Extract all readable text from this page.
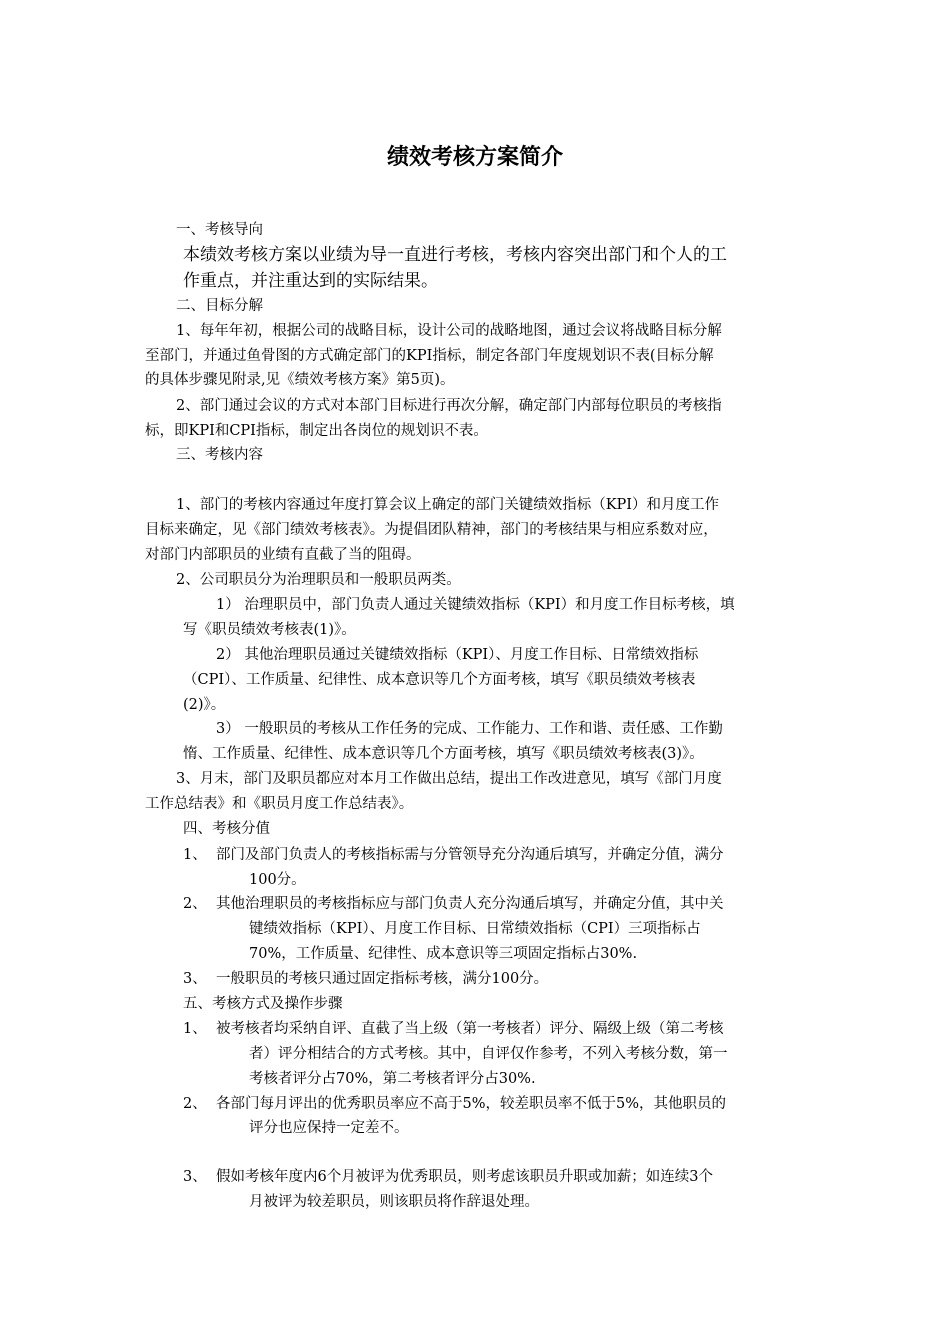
绩效考核方案简介
一、考核导向
本绩效考核方案以业绩为导一直进行考核，考核内容突出部门和个人的工
作重点，并注重达到的实际结果。
二、目标分解
1、每年年初，根据公司的战略目标，设计公司的战略地图，通过会议将战略目标分解
至部门，并通过鱼骨图的方式确定部门的KPI指标，制定各部门年度规划识不表(目标分解
的具体步骤见附录,见《绩效考核方案》第5页)。
2、部门通过会议的方式对本部门目标进行再次分解，确定部门内部每位职员的考核指
标，即KPI和CPI指标，制定出各岗位的规划识不表。
三、考核内容
1、部门的考核内容通过年度打算会议上确定的部门关键绩效指标（KPI）和月度工作
目标来确定，见《部门绩效考核表》。为提倡团队精神，部门的考核结果与相应系数对应，
对部门内部职员的业绩有直截了当的阻碍。
2、公司职员分为治理职员和一般职员两类。
1） 治理职员中，部门负责人通过关键绩效指标（KPI）和月度工作目标考核，填
写《职员绩效考核表(1)》。
2） 其他治理职员通过关键绩效指标（KPI）、月度工作目标、日常绩效指标
（CPI）、工作质量、纪律性、成本意识等几个方面考核，填写《职员绩效考核表
(2)》。
3） 一般职员的考核从工作任务的完成、工作能力、工作和谐、责任感、工作勤
惰、工作质量、纪律性、成本意识等几个方面考核，填写《职员绩效考核表(3)》。
3、月末，部门及职员都应对本月工作做出总结，提出工作改进意见，填写《部门月度
工作总结表》和《职员月度工作总结表》。
四、考核分值
1、 部门及部门负责人的考核指标需与分管领导充分沟通后填写，并确定分值，满分
100分。
2、 其他治理职员的考核指标应与部门负责人充分沟通后填写，并确定分值，其中关
键绩效指标（KPI）、月度工作目标、日常绩效指标（CPI）三项指标占
70%，工作质量、纪律性、成本意识等三项固定指标占30%.
3、 一般职员的考核只通过固定指标考核，满分100分。
五、考核方式及操作步骤
1、 被考核者均采纳自评、直截了当上级（第一考核者）评分、隔级上级（第二考核
者）评分相结合的方式考核。其中，自评仅作参考，不列入考核分数，第一
考核者评分占70%，第二考核者评分占30%.
2、 各部门每月评出的优秀职员率应不高于5%，较差职员率不低于5%，其他职员的
评分也应保持一定差不。
3、 假如考核年度内6个月被评为优秀职员，则考虑该职员升职或加薪；如连续3个
月被评为较差职员，则该职员将作辞退处理。
